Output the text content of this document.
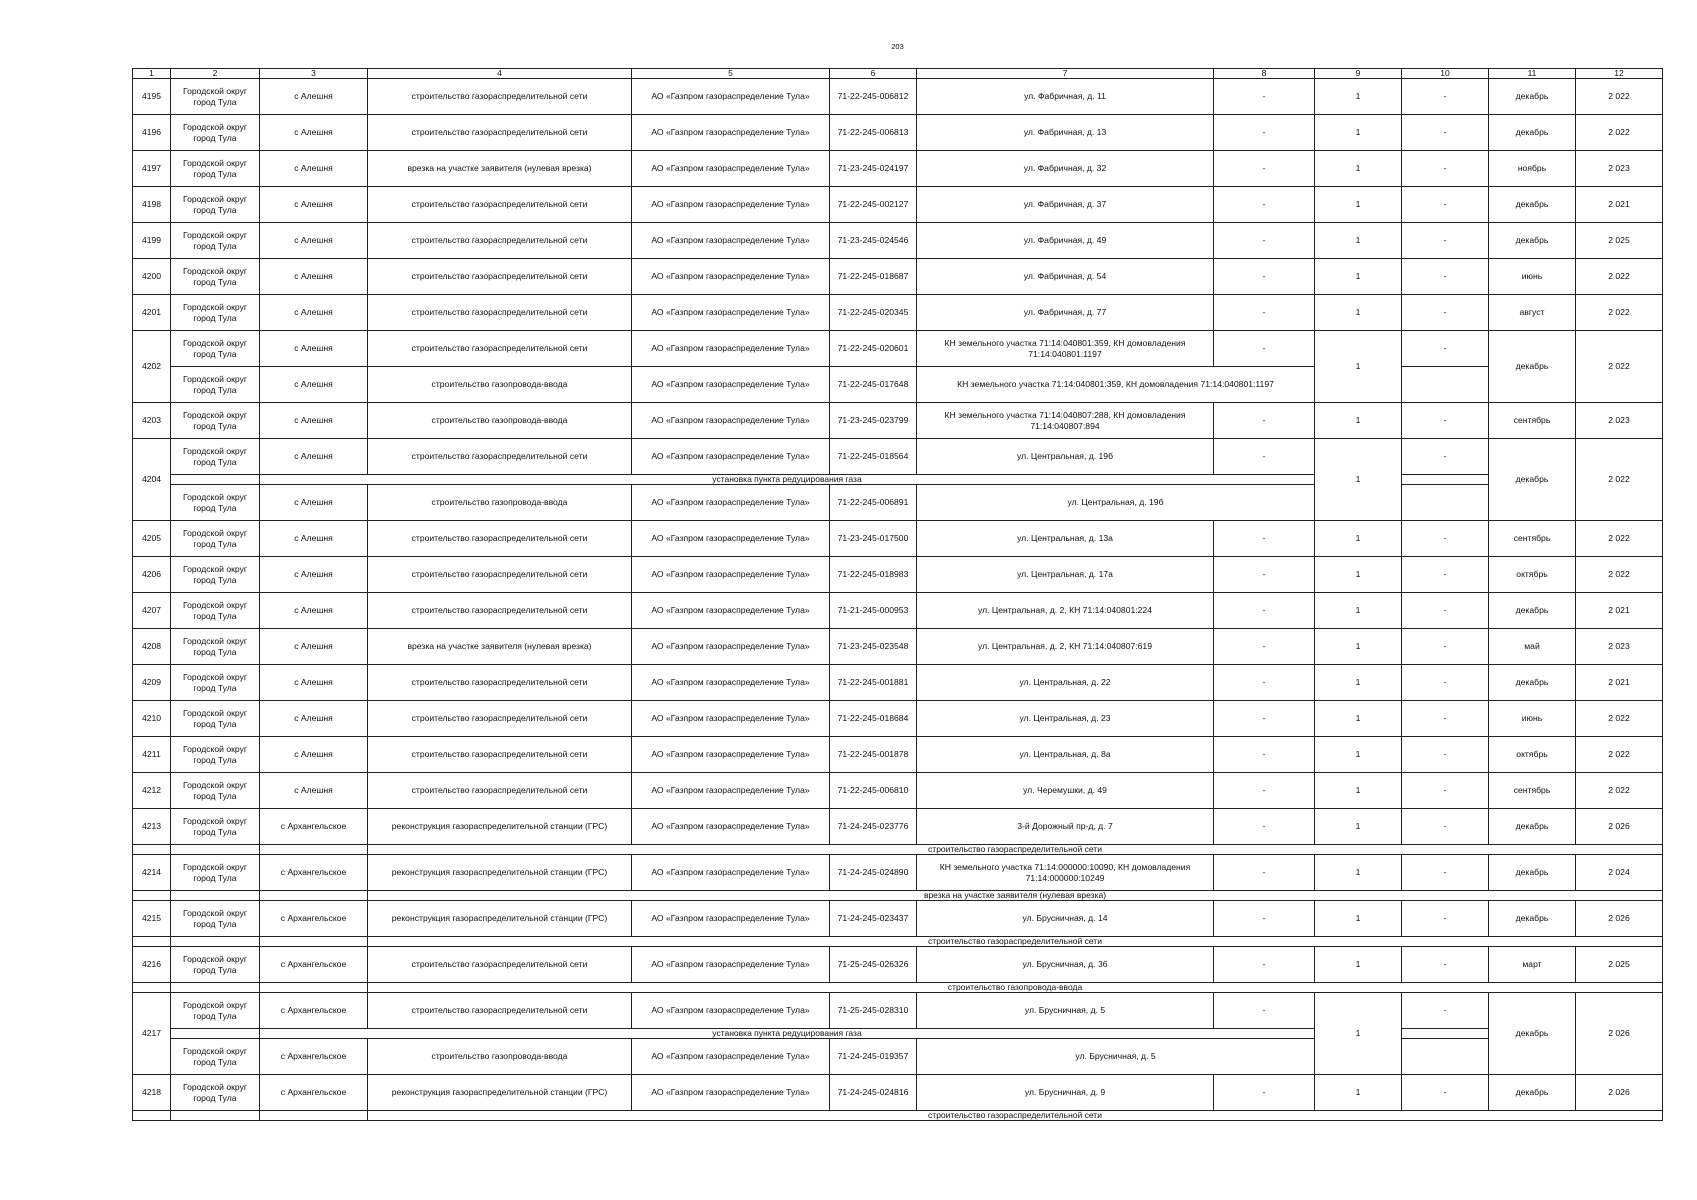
203
1	2	3	4	5	6	7	8	9	10	11	12
4195	Городской округ город Тула	с Алешня	строительство газораспределительной сети	АО «Газпром газораспределение Тула»	71-22-245-006812	ул. Фабричная, д. 11	-	1	-	декабрь	2 022
4196	Городской округ город Тула	с Алешня	строительство газораспределительной сети	АО «Газпром газораспределение Тула»	71-22-245-006813	ул. Фабричная, д. 13	-	1	-	декабрь	2 022
4197	Городской округ город Тула	с Алешня	врезка на участке заявителя (нулевая врезка)	АО «Газпром газораспределение Тула»	71-23-245-024197	ул. Фабричная, д. 32	-	1	-	ноябрь	2 023
4198	Городской округ город Тула	с Алешня	строительство газораспределительной сети	АО «Газпром газораспределение Тула»	71-22-245-002127	ул. Фабричная, д. 37	-	1	-	декабрь	2 021
4199	Городской округ город Тула	с Алешня	строительство газораспределительной сети	АО «Газпром газораспределение Тула»	71-23-245-024546	ул. Фабричная, д. 49	-	1	-	декабрь	2 025
4200	Городской округ город Тула	с Алешня	строительство газораспределительной сети	АО «Газпром газораспределение Тула»	71-22-245-018687	ул. Фабричная, д. 54	-	1	-	июнь	2 022
4201	Городской округ город Тула	с Алешня	строительство газораспределительной сети	АО «Газпром газораспределение Тула»	71-22-245-020345	ул. Фабричная, д. 77	-	1	-	август	2 022
4202	Городской округ город Тула	с Алешня	строительство газораспределительной сети	АО «Газпром газораспределение Тула»	71-22-245-020601	КН земельного участка 71:14:040801:359, КН домовладения 71:14:040801:1197	-	1	-	декабрь	2 022
	Городской округ город Тула	с Алешня	строительство газопровода-ввода	АО «Газпром газораспределение Тула»	71-22-245-017648	КН земельного участка 71:14:040801:359, КН домовладения 71:14:040801:1197					
4203	Городской округ город Тула	с Алешня	строительство газопровода-ввода	АО «Газпром газораспределение Тула»	71-23-245-023799	КН земельного участка 71:14:040807:288, КН домовладения 71:14:040807:894	-	1	-	сентябрь	2 023
4204	Городской округ город Тула	с Алешня	строительство газораспределительной сети	АО «Газпром газораспределение Тула»	71-22-245-018564	ул. Центральная, д. 19б	-	1	-	декабрь	2 022
		установка пункта редуцирования газа									
	Городской округ город Тула	с Алешня	строительство газопровода-ввода	АО «Газпром газораспределение Тула»	71-22-245-006891	ул. Центральная, д. 19б					
4205	Городской округ город Тула	с Алешня	строительство газораспределительной сети	АО «Газпром газораспределение Тула»	71-23-245-017500	ул. Центральная, д. 13а	-	1	-	сентябрь	2 022
4206	Городской округ город Тула	с Алешня	строительство газораспределительной сети	АО «Газпром газораспределение Тула»	71-22-245-018983	ул. Центральная, д. 17а	-	1	-	октябрь	2 022
4207	Городской округ город Тула	с Алешня	строительство газораспределительной сети	АО «Газпром газораспределение Тула»	71-21-245-000953	ул. Центральная, д. 2, КН 71:14:040801:224	-	1	-	декабрь	2 021
4208	Городской округ город Тула	с Алешня	врезка на участке заявителя (нулевая врезка)	АО «Газпром газораспределение Тула»	71-23-245-023548	ул. Центральная, д. 2, КН 71:14:040807:619	-	1	-	май	2 023
4209	Городской округ город Тула	с Алешня	строительство газораспределительной сети	АО «Газпром газораспределение Тула»	71-22-245-001881	ул. Центральная, д. 22	-	1	-	декабрь	2 021
4210	Городской округ город Тула	с Алешня	строительство газораспределительной сети	АО «Газпром газораспределение Тула»	71-22-245-018684	ул. Центральная, д. 23	-	1	-	июнь	2 022
4211	Городской округ город Тула	с Алешня	строительство газораспределительной сети	АО «Газпром газораспределение Тула»	71-22-245-001878	ул. Центральная, д. 8а	-	1	-	октябрь	2 022
4212	Городской округ город Тула	с Алешня	строительство газораспределительной сети	АО «Газпром газораспределение Тула»	71-22-245-006810	ул. Черемушки, д. 49	-	1	-	сентябрь	2 022
4213	Городской округ город Тула	с Архангельское	реконструкция газораспределительной станции (ГРС)	АО «Газпром газораспределение Тула»	71-24-245-023776	3-й Дорожный пр-д, д. 7	-	1	-	декабрь	2 026
			строительство газораспределительной сети								
4214	Городской округ город Тула	с Архангельское	реконструкция газораспределительной станции (ГРС)	АО «Газпром газораспределение Тула»	71-24-245-024890	КН земельного участка 71:14:000000:10090, КН домовладения 71:14:000000:10249	-	1	-	декабрь	2 024
			врезка на участке заявителя (нулевая врезка)								
4215	Городской округ город Тула	с Архангельское	реконструкция газораспределительной станции (ГРС)	АО «Газпром газораспределение Тула»	71-24-245-023437	ул. Брусничная, д. 14	-	1	-	декабрь	2 026
			строительство газораспределительной сети								
4216	Городской округ город Тула	с Архангельское	строительство газораспределительной сети	АО «Газпром газораспределение Тула»	71-25-245-026326	ул. Брусничная, д. 36	-	1	-	март	2 025
			строительство газопровода-ввода								
4217	Городской округ город Тула	с Архангельское	строительство газораспределительной сети	АО «Газпром газораспределение Тула»	71-25-245-028310	ул. Брусничная, д. 5	-	1	-	декабрь	2 026
		установка пункта редуцирования газа									
	Городской округ город Тула	с Архангельское	строительство газопровода-ввода	АО «Газпром газораспределение Тула»	71-24-245-019357	ул. Брусничная, д. 5					
4218	Городской округ город Тула	с Архангельское	реконструкция газораспределительной станции (ГРС)	АО «Газпром газораспределение Тула»	71-24-245-024816	ул. Брусничная, д. 9	-	1	-	декабрь	2 026
			строительство газораспределительной сети								
